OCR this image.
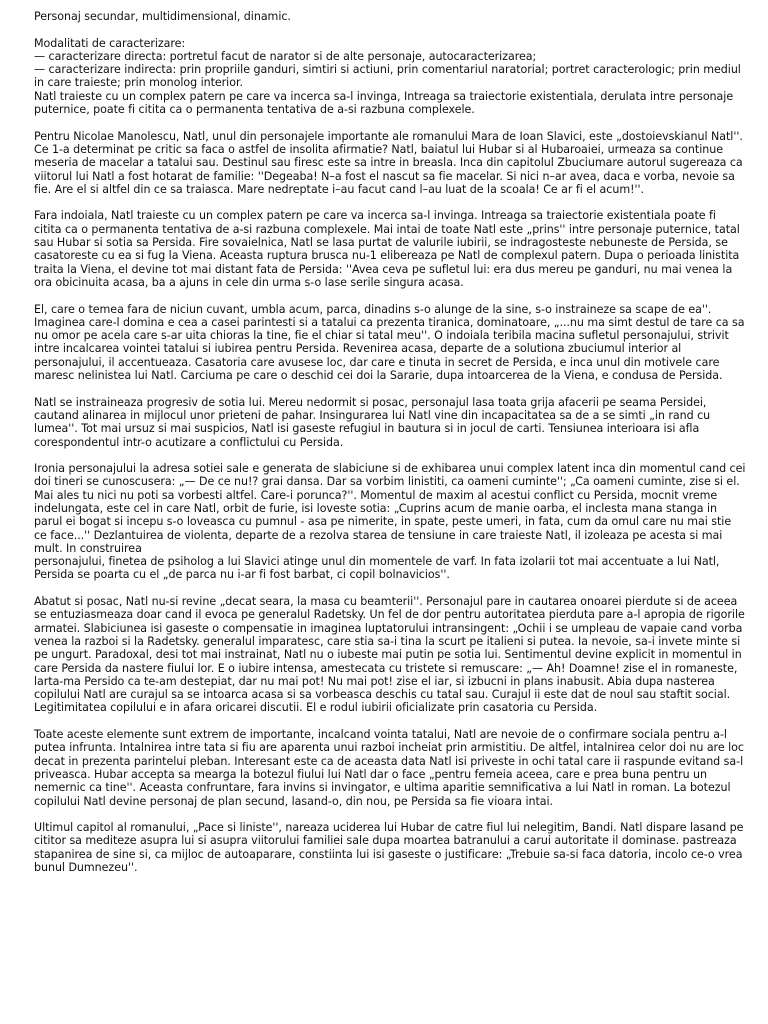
Personaj secundar, multidimensional, dinamic.

Modalitati de caracterizare:
— caracterizare directa: portretul facut de narator si de alte personaje, autocaracterizarea;
— caracterizare indirecta: prin propriile ganduri, simtiri si actiuni, prin comentariul naratorial; portret caracterologic; prin mediul in care traieste; prin monolog interior.
Natl traieste cu un complex patern pe care va incerca sa-l invinga, Intreaga sa traiectorie existentiala, derulata intre personaje puternice, poate fi citita ca o permanenta tentativa de a-si razbuna complexele.

Pentru Nicolae Manolescu, Natl, unul din personajele importante ale romanului Mara de Ioan Slavici, este „dostoievskianul Natl''. Ce 1-a determinat pe critic sa faca o astfel de insolita afirmatie? Natl, baiatul lui Hubar si al Hubaroaiei, urmeaza sa continue meseria de macelar a tatalui sau. Destinul sau firesc este sa intre in breasla. Inca din capitolul Zbuciumare autorul sugereaza ca viitorul lui Natl a fost hotarat de familie: ''Degeaba! N–a fost el nascut sa fie macelar. Si nici n–ar avea, daca e vorba, nevoie sa fie. Are el si altfel din ce sa traiasca. Mare nedreptate i–au facut cand l–au luat de la scoala! Ce ar fi el acum!''.

Fara indoiala, Natl traieste cu un complex patern pe care va incerca sa-l invinga. Intreaga sa traiectorie existentiala poate fi citita ca o permanenta tentativa de a-si razbuna complexele. Mai intai de toate Natl este „prins'' intre personaje puternice, tatal sau Hubar si sotia sa Persida. Fire sovaielnica, Natl se lasa purtat de valurile iubirii, se indragosteste nebuneste de Persida, se casatoreste cu ea si fug la Viena. Aceasta ruptura brusca nu-1 elibereaza pe Natl de complexul patern. Dupa o perioada linistita traita la Viena, el devine tot mai distant fata de Persida: ''Avea ceva pe sufletul lui: era dus mereu pe ganduri, nu mai venea la ora obicinuita acasa, ba a ajuns in cele din urma s-o lase serile singura acasa.

El, care o temea fara de niciun cuvant, umbla acum, parca, dinadins s-o alunge de la sine, s-o instraineze sa scape de ea''. Imaginea care-l domina e cea a casei parintesti si a tatalui ca prezenta tiranica, dominatoare, „...nu ma simt destul de tare ca sa nu omor pe acela care s-ar uita chioras la tine, fie el chiar si tatal meu''. O indoiala teribila macina sufletul personajului, strivit intre incalcarea vointei tatalui si iubirea pentru Persida. Revenirea acasa, departe de a solutiona zbuciumul interior al personajului, il accentueaza. Casatoria care avusese loc, dar care e tinuta in secret de Persida, e inca unul din motivele care maresc nelinistea lui Natl. Carciuma pe care o deschid cei doi la Sararie, dupa intoarcerea de la Viena, e condusa de Persida.

Natl se instraineaza progresiv de sotia lui. Mereu nedormit si posac, personajul lasa toata grija afacerii pe seama Persidei, cautand alinarea in mijlocul unor prieteni de pahar. Insingurarea lui Natl vine din incapacitatea sa de a se simti „in rand cu lumea''. Tot mai ursuz si mai suspicios, Natl isi gaseste refugiul in bautura si in jocul de carti. Tensiunea interioara isi afla corespondentul intr-o acutizare a conflictului cu Persida.

Ironia personajului la adresa sotiei sale e generata de slabiciune si de exhibarea unui complex latent inca din momentul cand cei doi tineri se cunoscusera: „— De ce nu!? grai dansa. Dar sa vorbim linistiti, ca oameni cuminte''; „Ca oameni cuminte, zise si el. Mai ales tu nici nu poti sa vorbesti altfel. Care-i porunca?''. Momentul de maxim al acestui conflict cu Persida, mocnit vreme indelungata, este cel in care Natl, orbit de furie, isi loveste sotia: „Cuprins acum de manie oarba, el inclesta mana stanga in parul ei bogat si incepu s-o loveasca cu pumnul - asa pe nimerite, in spate, peste umeri, in fata, cum da omul care nu mai stie ce face...'' Dezlantuirea de violenta, departe de a rezolva starea de tensiune in care traieste Natl, il izoleaza pe acesta si mai mult. In construirea
personajului, finetea de psiholog a lui Slavici atinge unul din momentele de varf. In fata izolarii tot mai accentuate a lui Natl, Persida se poarta cu el „de parca nu i-ar fi fost barbat, ci copil bolnavicios''.

Abatut si posac, Natl nu-si revine „decat seara, la masa cu beamterii''. Personajul pare in cautarea onoarei pierdute si de aceea se entuziasmeaza doar cand il evoca pe generalul Radetsky. Un fel de dor pentru autoritatea pierduta pare a-l apropia de rigorile armatei. Slabiciunea isi gaseste o compensatie in imaginea luptatorului intransingent: „Ochii i se umpleau de vapaie cand vorba venea la razboi si la Radetsky. generalul imparatesc, care stia sa-i tina la scurt pe italieni si putea. Ia nevoie, sa-i invete minte si pe ungurt. Paradoxal, desi tot mai instrainat, Natl nu o iubeste mai putin pe sotia lui. Sentimentul devine explicit in momentul in care Persida da nastere fiului lor. E o iubire intensa, amestecata cu tristete si remuscare: „— Ah! Doamne! zise el in romaneste, larta-ma Persido ca te-am destepiat, dar nu mai pot! Nu mai pot! zise el iar, si izbucni in plans inabusit. Abia dupa nasterea copilului Natl are curajul sa se intoarca acasa si sa vorbeasca deschis cu tatal sau. Curajul ii este dat de noul sau staftit social. Legitimitatea copilului e in afara oricarei discutii. El e rodul iubirii oficializate prin casatoria cu Persida.

Toate aceste elemente sunt extrem de importante, incalcand vointa tatalui, Natl are nevoie de o confirmare sociala pentru a-l putea infrunta. Intalnirea intre tata si fiu are aparenta unui razboi incheiat prin armistitiu. De altfel, intalnirea celor doi nu are loc decat in prezenta parintelui pleban. Interesant este ca de aceasta data Natl isi priveste in ochi tatal care ii raspunde evitand sa-l priveasca. Hubar accepta sa mearga la botezul fiului lui Natl dar o face „pentru femeia aceea, care e prea buna pentru un nemernic ca tine''. Aceasta confruntare, fara invins si invingator, e ultima aparitie semnificativa a lui Natl in roman. La botezul copilului Natl devine personaj de plan secund, lasand-o, din nou, pe Persida sa fie vioara intai.

Ultimul capitol al romanului, „Pace si liniste'', nareaza uciderea lui Hubar de catre fiul lui nelegitim, Bandi. Natl dispare lasand pe cititor sa mediteze asupra lui si asupra viitorului familiei sale dupa moartea batranului a carui autoritate il dominase. pastreaza stapanirea de sine si, ca mijloc de autoaparare, constiinta lui isi gaseste o justificare: „Trebuie sa-si faca datoria, incolo ce-o vrea bunul Dumnezeu''.
